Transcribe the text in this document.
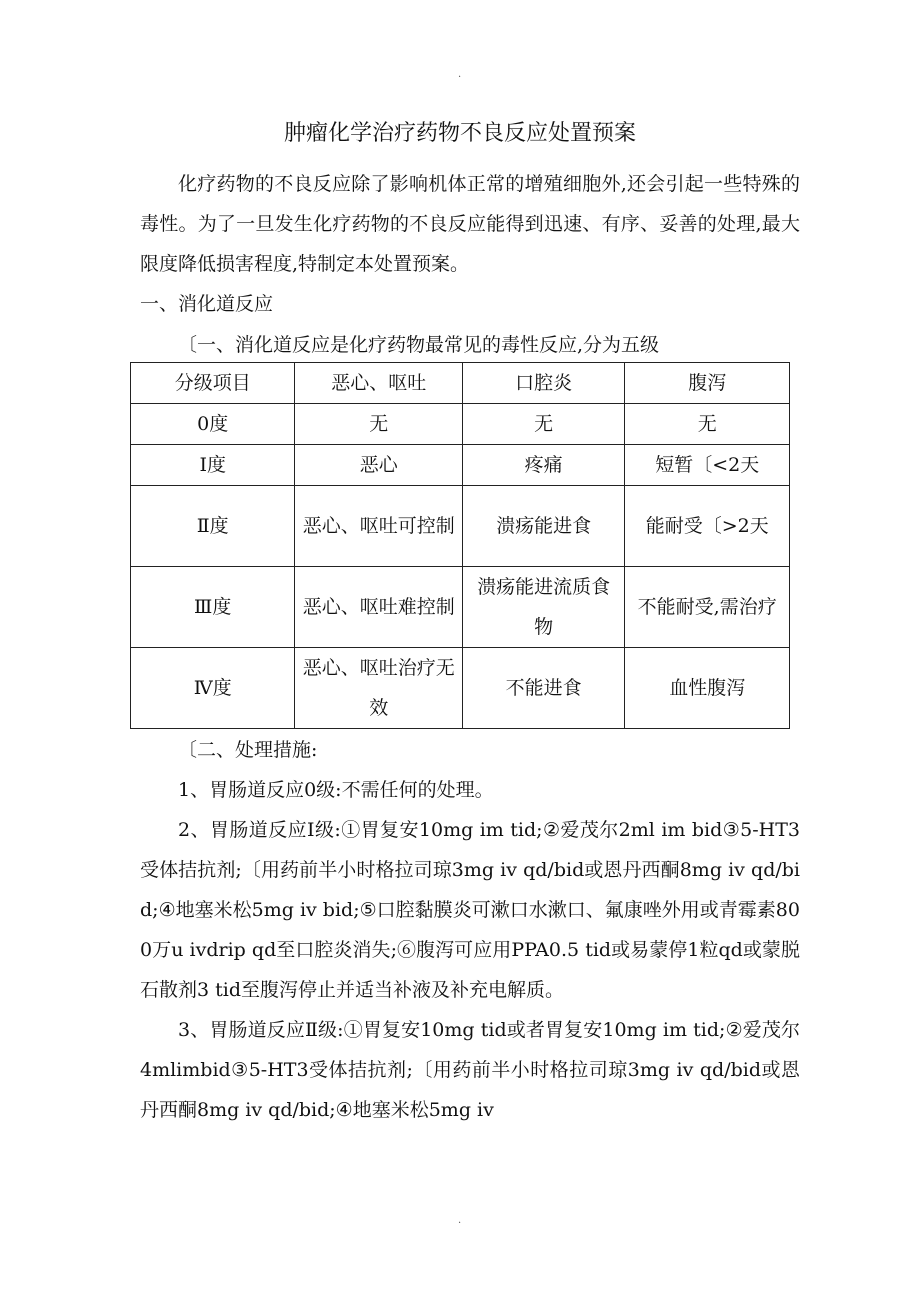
.
肿瘤化学治疗药物不良反应处置预案

化疗药物的不良反应除了影响机体正常的增殖细胞外,还会引起一些特殊的毒性。为了一旦发生化疗药物的不良反应能得到迅速、有序、妥善的处理,最大限度降低损害程度,特制定本处置预案。

一、消化道反应

〔一、消化道反应是化疗药物最常见的毒性反应,分为五级
分级项目	恶心、呕吐	口腔炎	腹泻
0度	无	无	无
Ⅰ度	恶心	疼痛	短暂〔<2天
Ⅱ度	恶心、呕吐可控制	溃疡能进食	能耐受〔>2天
Ⅲ度	恶心、呕吐难控制	溃疡能进流质食物	不能耐受,需治疗
Ⅳ度	恶心、呕吐治疗无效	不能进食	血性腹泻

〔二、处理措施:

1、胃肠道反应0级:不需任何的处理。

2、胃肠道反应Ⅰ级:①胃复安10mg im tid;②爱茂尔2ml im bid③5-HT3受体拮抗剂;〔用药前半小时格拉司琼3mg iv qd/bid或恩丹西酮8mg iv qd/bid;④地塞米松5mg iv bid;⑤口腔黏膜炎可漱口水漱口、氟康唑外用或青霉素800万u ivdrip qd至口腔炎消失;⑥腹泻可应用PPA0.5 tid或易蒙停1粒qd或蒙脱石散剂3 tid至腹泻停止并适当补液及补充电解质。

3、胃肠道反应Ⅱ级:①胃复安10mg tid或者胃复安10mg im tid;②爱茂尔4mlimbid③5-HT3受体拮抗剂;〔用药前半小时格拉司琼3mg iv qd/bid或恩丹西酮8mg iv qd/bid;④地塞米松5mg iv

.
